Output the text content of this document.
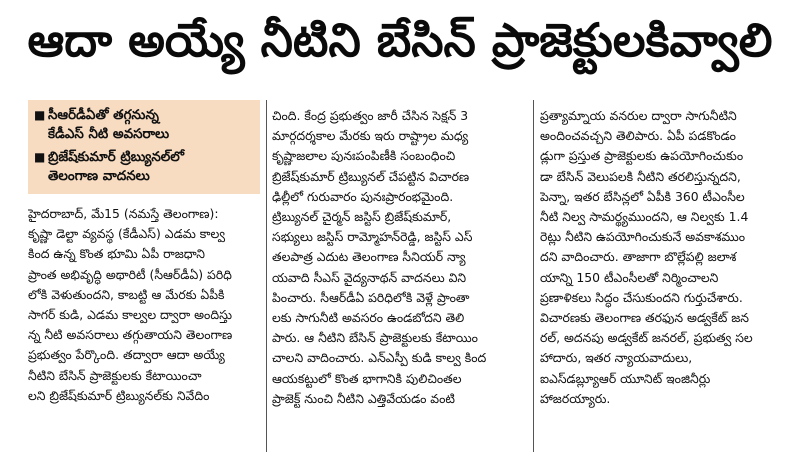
ఆదా అయ్యే నీటిని బేసిన్ ప్రాజెక్టులకివ్వాలి
■ సీఆర్‌డీఏతో తగ్గనున్న
కేడీఎస్ నీటి అవసరాలు
■ బ్రిజేష్‌కుమార్ ట్రిబ్యునల్‌లో
తెలంగాణ వాదనలు
హైదరాబాద్, మే15 (నమస్తే తెలంగాణ):
కృష్ణా డెల్టా వ్యవస్థ (కేడీఎస్) ఎడమ కాల్వ
కింద ఉన్న కొంత భూమి ఏపీ రాజధాని
ప్రాంత అభివృద్ధి అథారిటీ (సీఆర్‌డీఏ) పరిధి
లోకి వెళుతుందని, కాబట్టి ఆ మేరకు ఏపీకి
సాగర్ కుడి, ఎడమ కాల్వల ద్వారా అందిస్తు
న్న నీటి అవసరాలు తగ్గుతాయని తెలంగాణ
ప్రభుత్వం పేర్కొంది. తద్వారా ఆదా అయ్యే
నీటిని బేసిన్ ప్రాజెక్టులకు కేటాయించా
లని బ్రిజేష్‌కుమార్ ట్రిబ్యునల్‌కు నివేదిం
చింది. కేంద్ర ప్రభుత్వం జారీ చేసిన సెక్షన్ 3
మార్గదర్శకాల మేరకు ఇరు రాష్ట్రాల మధ్య
కృష్ణాజలాల పునఃపంపిణీకి సంబంధించి
బ్రిజేష్‌కుమార్ ట్రిబ్యునల్ చేపట్టిన విచారణ
ఢిల్లీలో గురువారం పునఃప్రారంభమైంది.
ట్రిబ్యునల్ చైర్మన్ జస్టిస్ బ్రిజేష్‌కుమార్,
సభ్యులు జస్టిస్ రామ్మోహన్‌రెడ్డి, జస్టిస్ ఎస్
తలపాత్ర ఎదుట తెలంగాణ సీనియర్ న్యా
యవాది సీఎస్ వైద్యనాథన్ వాదనలు విని
పించారు. సీఆర్‌డీఏ పరిధిలోకి వెళ్లే ప్రాంతా
లకు సాగునీటి అవసరం ఉండబోదని తెలి
పారు. ఆ నీటిని బేసిన్ ప్రాజెక్టులకు కేటాయిం
చాలని వాదించారు. ఎన్ఎస్పీ కుడి కాల్వ కింద
ఆయకట్టులో కొంత భాగానికి పులిచింతల
ప్రాజెక్ట్ నుంచి నీటిని ఎత్తివేయడం వంటి
ప్రత్యామ్నాయ వనరుల ద్వారా సాగునీటిని
అందించవచ్చని తెలిపారు. ఏపీ పడకొండం
డ్లుగా ప్రస్తుత ప్రాజెక్టులకు ఉపయోగించుకుం
డా బేసిన్ వెలుపలకి నీటిని తరలిస్తున్నదని,
పెన్నా, ఇతర బేసిన్లలో ఏపీకి 360 టీఎంసీల
నీటి నిల్వ సామర్థ్యముందని, ఆ నిల్వకు 1.4
రెట్లు నీటిని ఉపయోగించుకునే అవకాశముం
దని వాదించారు. తాజాగా బొల్లేపల్లి జలాశ
యాన్ని 150 టీఎంసీలతో నిర్మించాలని
ప్రణాళికలు సిద్ధం చేసుకుందని గుర్తుచేశారు.
విచారణకు తెలంగాణ తరఫున అడ్వకేట్ జన
రల్, అదనపు అడ్వకేట్ జనరల్, ప్రభుత్వ సల
హాదారు, ఇతర న్యాయవాదులు,
ఐఎస్‌డబ్ల్యూఆర్ యూనిట్ ఇంజినీర్లు
హాజరయ్యారు.
